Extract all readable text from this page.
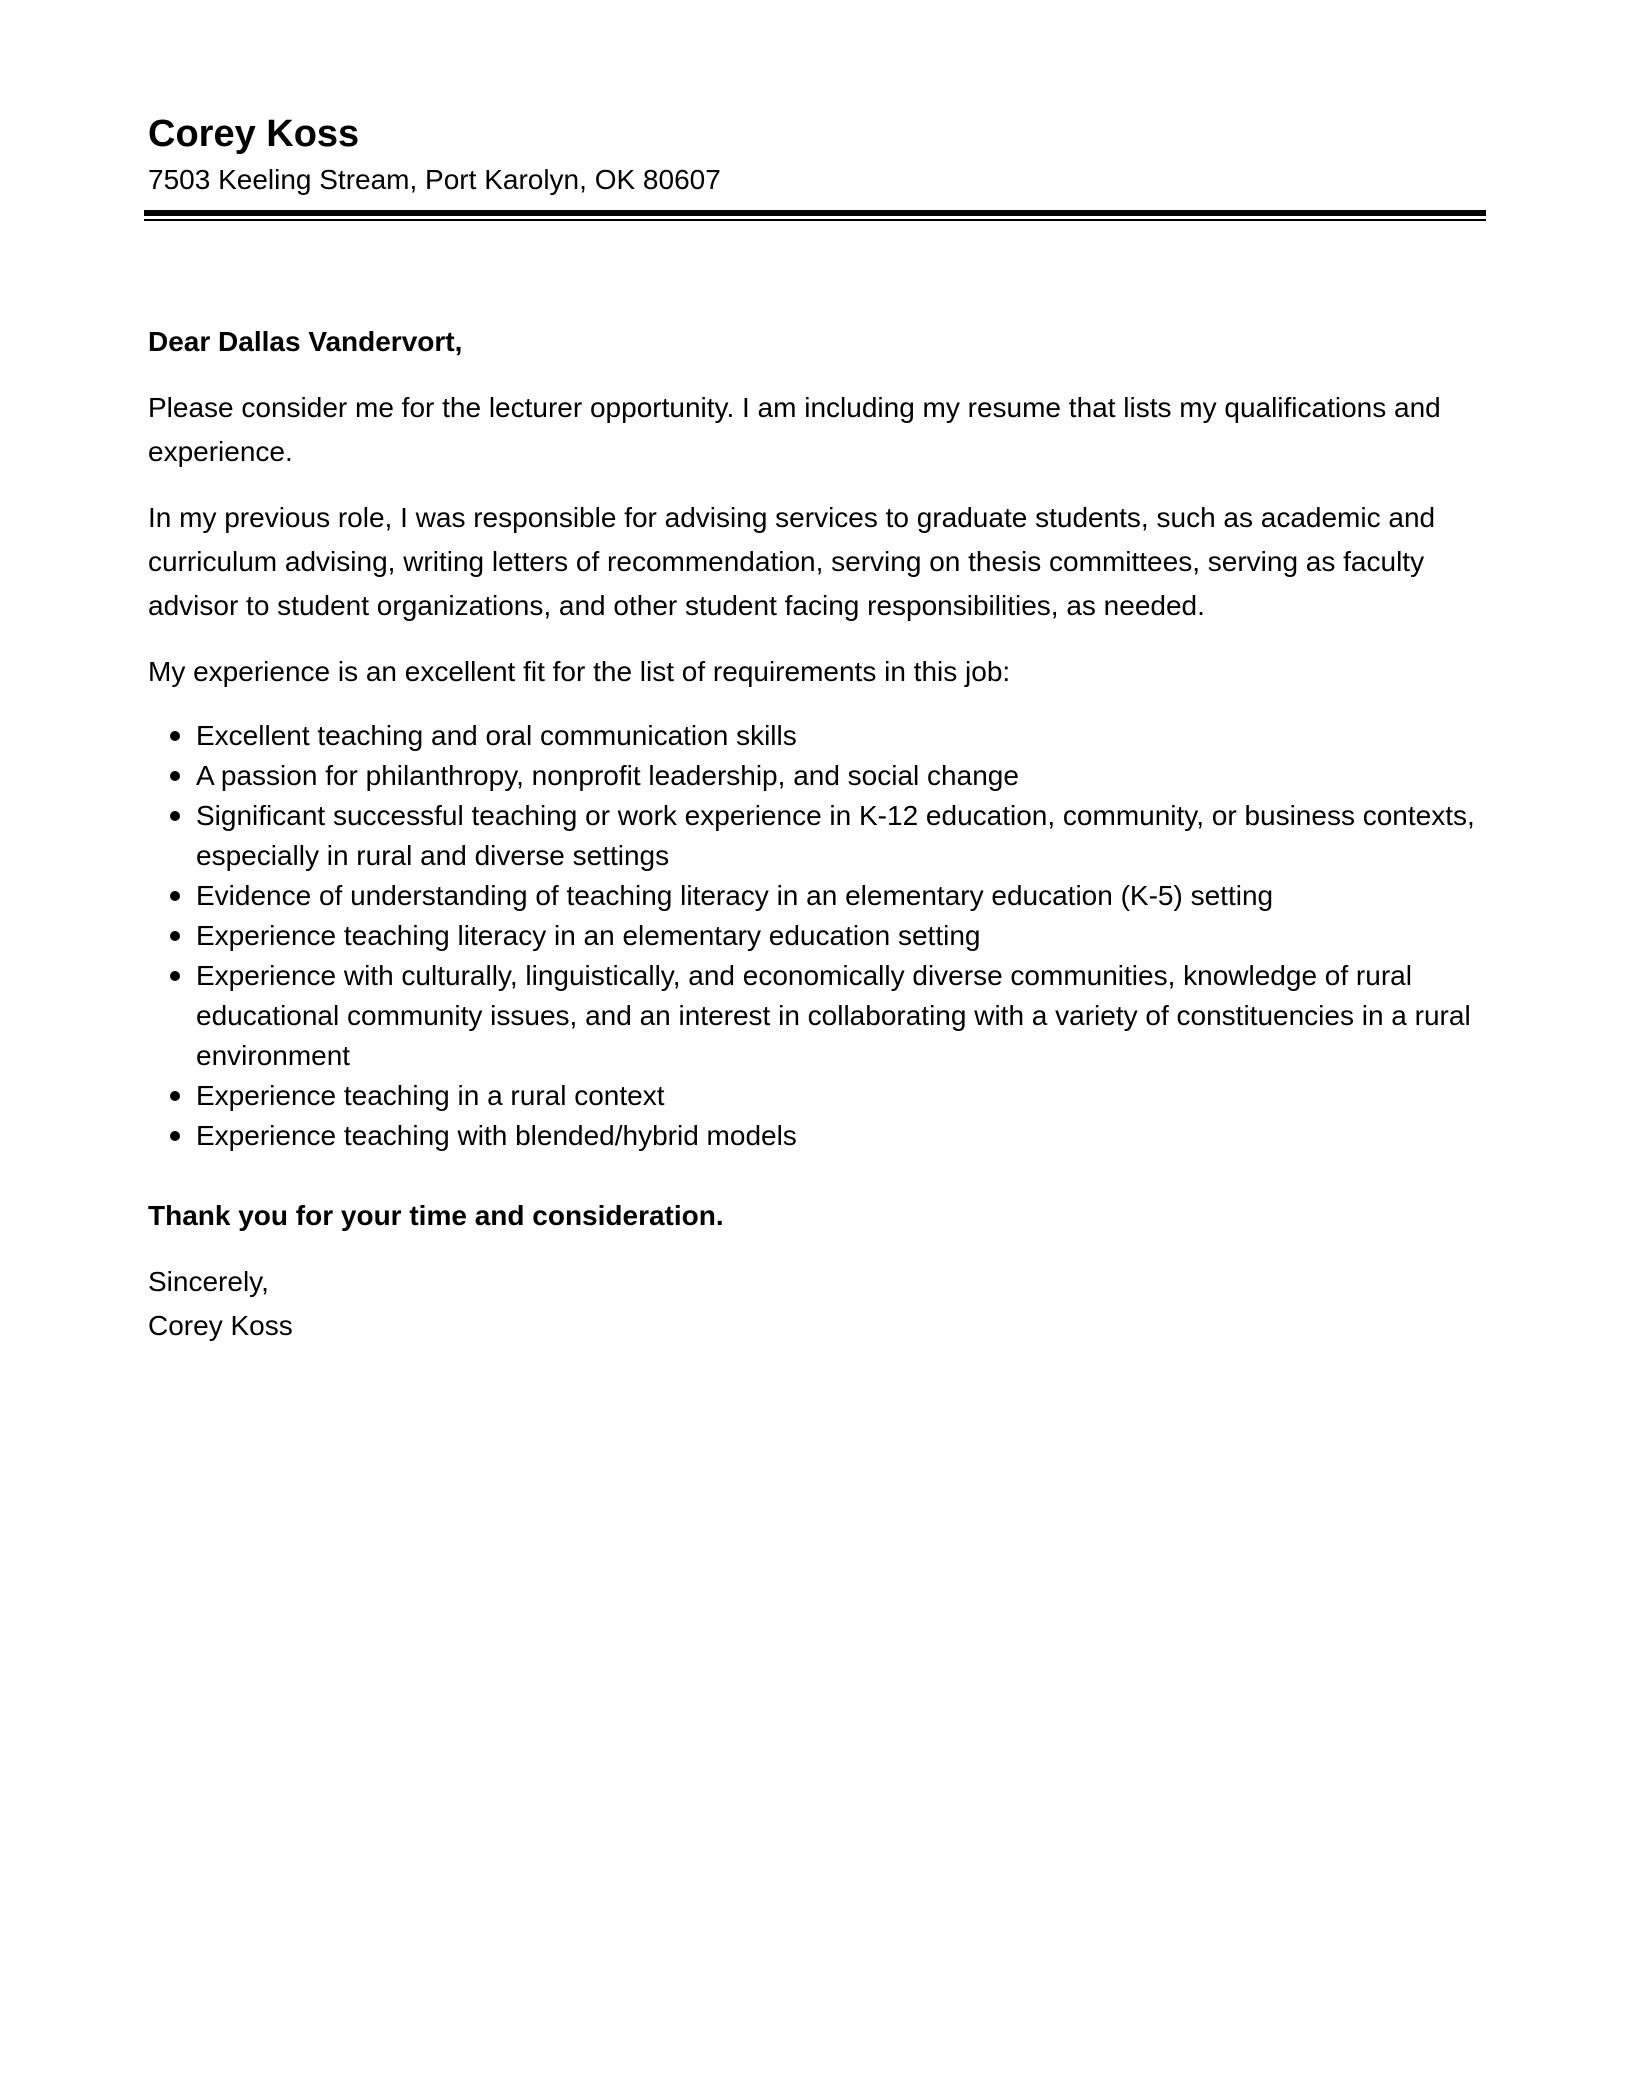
Corey Koss

7503 Keeling Stream, Port Karolyn, OK 80607

Dear Dallas Vandervort,

Please consider me for the lecturer opportunity. I am including my resume that lists my qualifications and experience.

In my previous role, I was responsible for advising services to graduate students, such as academic and curriculum advising, writing letters of recommendation, serving on thesis committees, serving as faculty advisor to student organizations, and other student facing responsibilities, as needed.

My experience is an excellent fit for the list of requirements in this job:

Excellent teaching and oral communication skills
A passion for philanthropy, nonprofit leadership, and social change
Significant successful teaching or work experience in K-12 education, community, or business contexts, especially in rural and diverse settings
Evidence of understanding of teaching literacy in an elementary education (K-5) setting
Experience teaching literacy in an elementary education setting
Experience with culturally, linguistically, and economically diverse communities, knowledge of rural educational community issues, and an interest in collaborating with a variety of constituencies in a rural environment
Experience teaching in a rural context
Experience teaching with blended/hybrid models

Thank you for your time and consideration.

Sincerely,

Corey Koss
